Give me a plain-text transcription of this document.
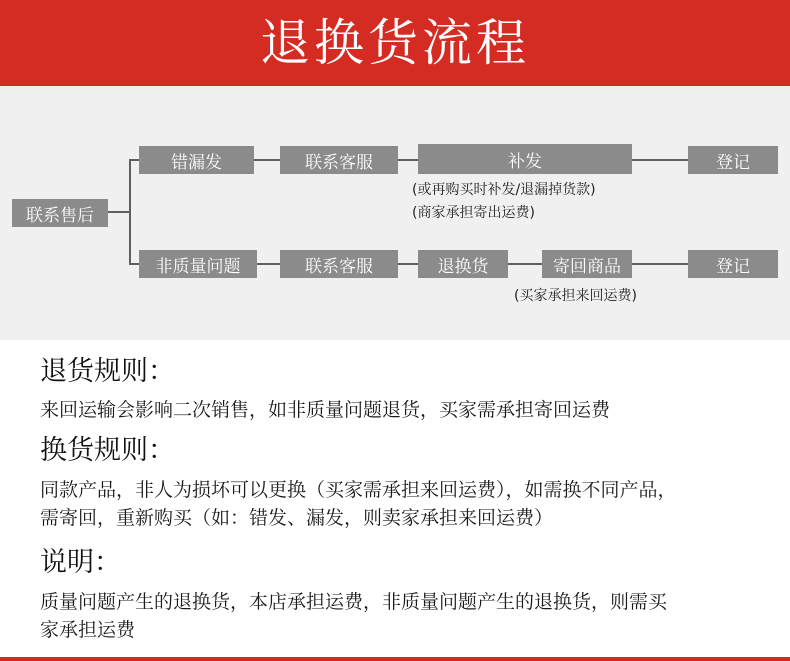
退换货流程
联系售后
错漏发	联系客服	补发	登记
(或再购买时补发/退漏掉货款)
(商家承担寄出运费)
非质量问题	联系客服	退换货	寄回商品	登记
(买家承担来回运费)
退货规则：
来回运输会影响二次销售，如非质量问题退货，买家需承担寄回运费
换货规则：
同款产品，非人为损坏可以更换（买家需承担来回运费），如需换不同产品，
需寄回，重新购买（如：错发、漏发，则卖家承担来回运费）
说明：
质量问题产生的退换货，本店承担运费，非质量问题产生的退换货，则需买
家承担运费
